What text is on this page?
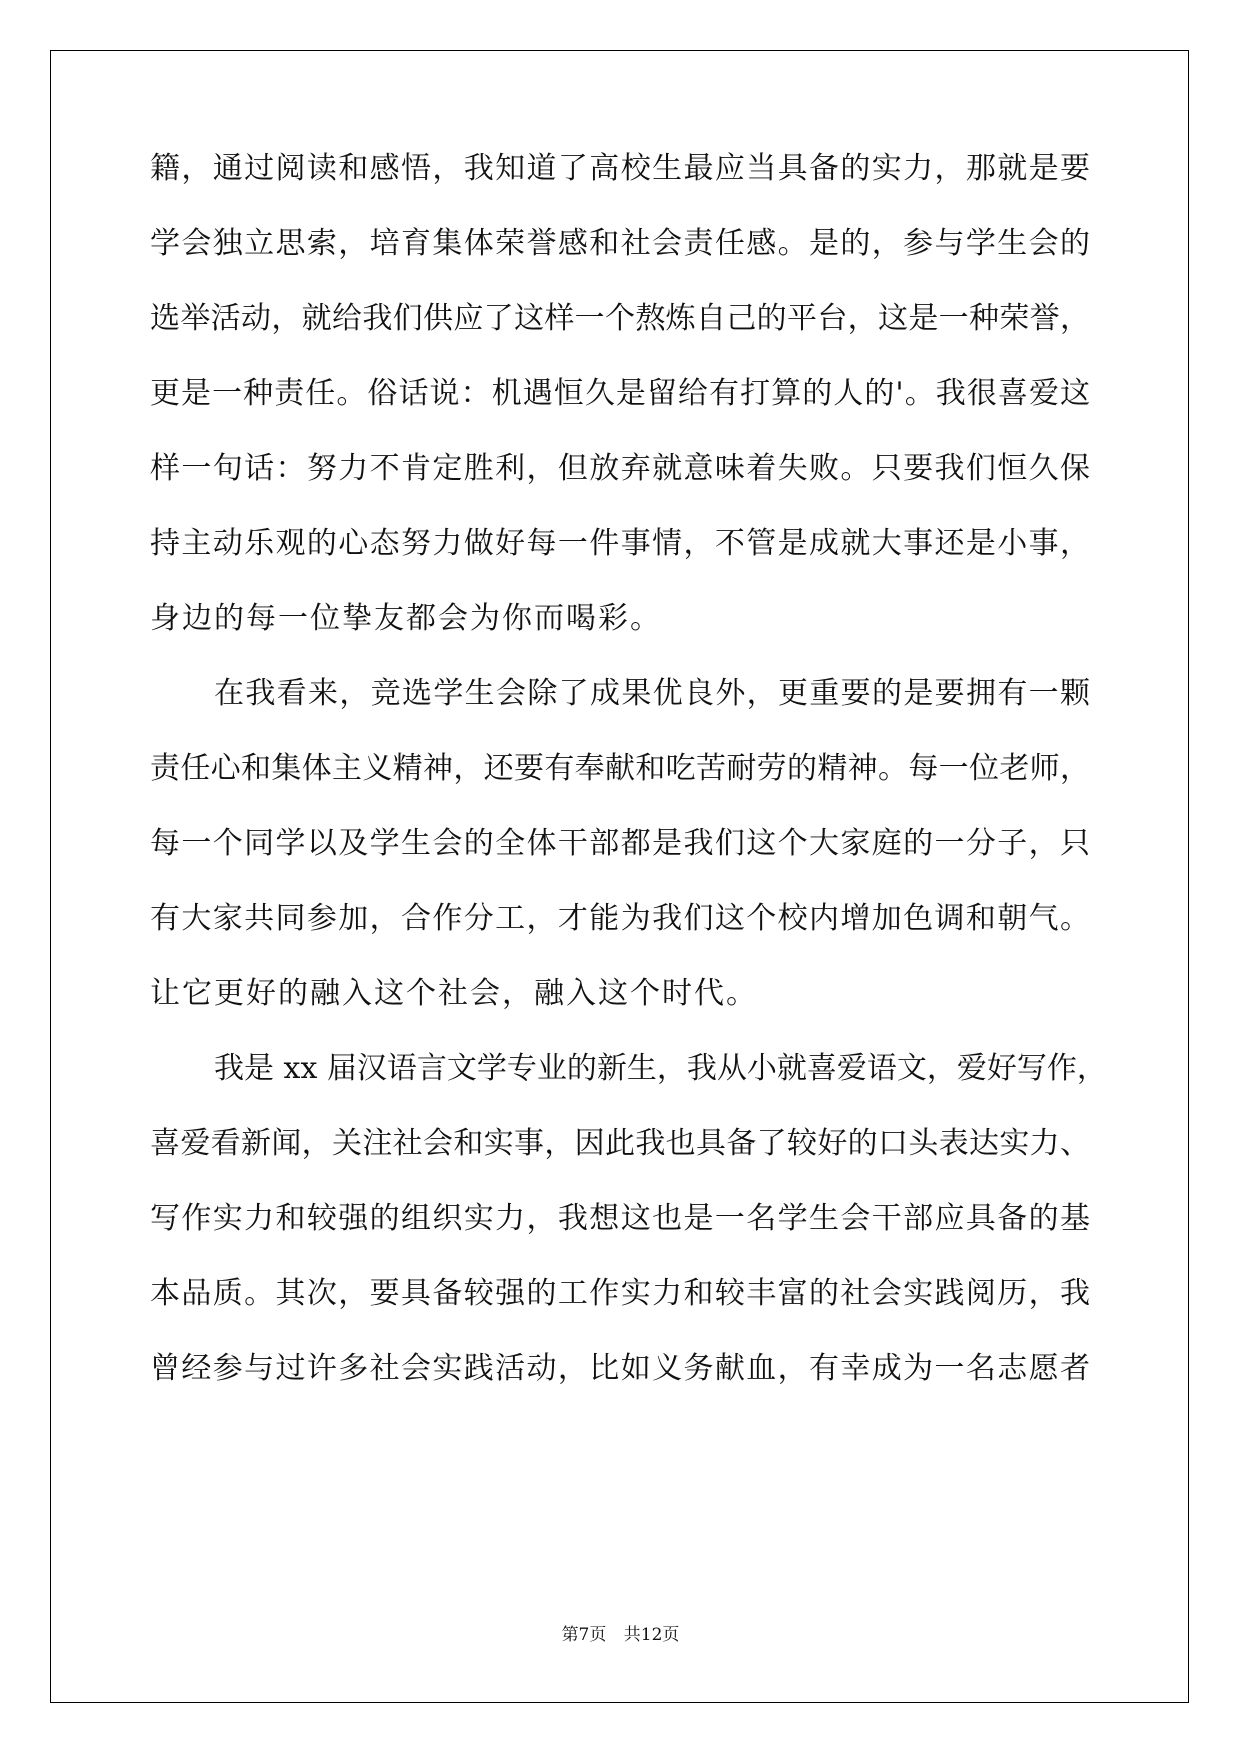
籍，通过阅读和感悟，我知道了高校生最应当具备的实力，那就是要
学会独立思索，培育集体荣誉感和社会责任感。是的，参与学生会的
选举活动，就给我们供应了这样一个熬炼自己的平台，这是一种荣誉，
更是一种责任。俗话说：机遇恒久是留给有打算的人的'。我很喜爱这
样一句话：努力不肯定胜利，但放弃就意味着失败。只要我们恒久保
持主动乐观的心态努力做好每一件事情，不管是成就大事还是小事，
身边的每一位挚友都会为你而喝彩。
在我看来，竞选学生会除了成果优良外，更重要的是要拥有一颗
责任心和集体主义精神，还要有奉献和吃苦耐劳的精神。每一位老师，
每一个同学以及学生会的全体干部都是我们这个大家庭的一分子，只
有大家共同参加，合作分工，才能为我们这个校内增加色调和朝气。
让它更好的融入这个社会，融入这个时代。
我是 xx 届汉语言文学专业的新生，我从小就喜爱语文，爱好写作，
喜爱看新闻，关注社会和实事，因此我也具备了较好的口头表达实力、
写作实力和较强的组织实力，我想这也是一名学生会干部应具备的基
本品质。其次，要具备较强的工作实力和较丰富的社会实践阅历，我
曾经参与过许多社会实践活动，比如义务献血，有幸成为一名志愿者
第7页 共12页
